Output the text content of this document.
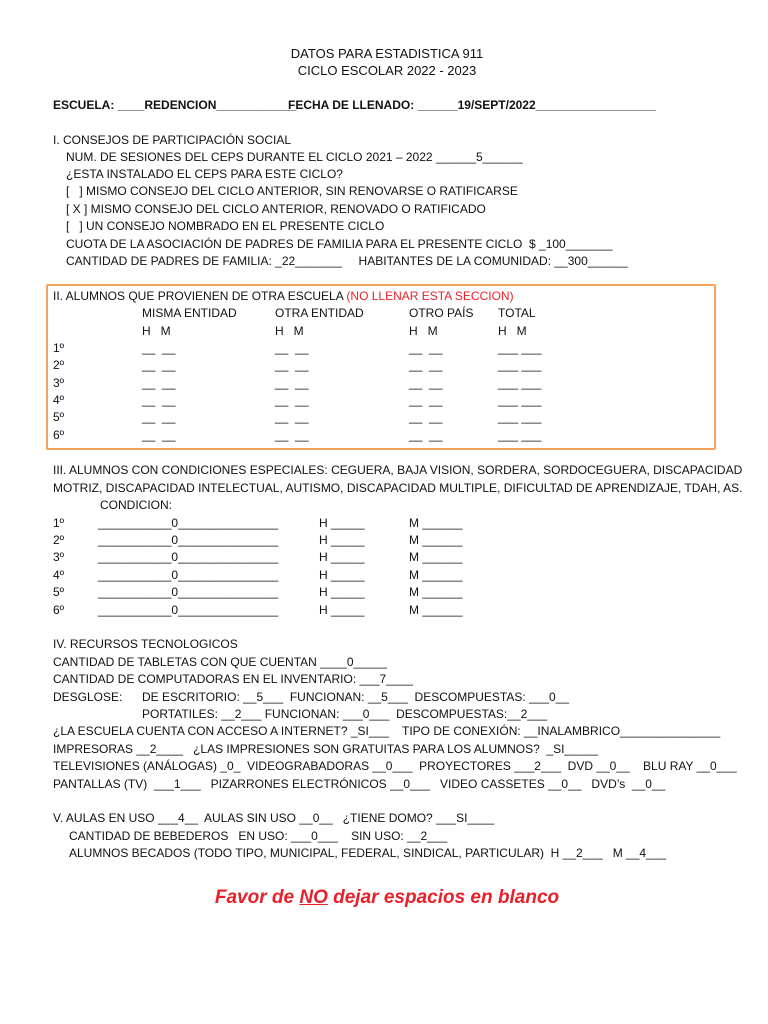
DATOS PARA ESTADISTICA 911
CICLO ESCOLAR 2022 - 2023
ESCUELA: ____REDENCION____________
FECHA DE LLENADO: ______19/SEPT/2022__________________
I. CONSEJOS DE PARTICIPACIÓN SOCIAL
NUM. DE SESIONES DEL CEPS DURANTE EL CICLO 2021 – 2022 ______5______
¿ESTA INSTALADO EL CEPS PARA ESTE CICLO?
[   ] MISMO CONSEJO DEL CICLO ANTERIOR, SIN RENOVARSE O RATIFICARSE
[ X ] MISMO CONSEJO DEL CICLO ANTERIOR, RENOVADO O RATIFICADO
[   ] UN CONSEJO NOMBRADO EN EL PRESENTE CICLO
CUOTA DE LA ASOCIACIÓN DE PADRES DE FAMILIA PARA EL PRESENTE CICLO  $ _100_______
CANTIDAD DE PADRES DE FAMILIA: _22_______     HABITANTES DE LA COMUNIDAD: __300______
II. ALUMNOS QUE PROVIENEN DE OTRA ESCUELA (NO LLENAR ESTA SECCION)
MISMA ENTIDAD	OTRA ENTIDAD	OTRO PAÍS TOTAL
H   M	H   M	H   M	H   M
1º	__  __	__  __	__  __	___ ___
2º	__  __	__  __	__  __	___ ___
3º	__  __	__  __	__  __	___ ___
4º	__  __	__  __	__  __	___ ___
5º	__  __	__  __	__  __	___ ___
6º	__  __	__  __	__  __	___ ___
III. ALUMNOS CON CONDICIONES ESPECIALES: CEGUERA, BAJA VISION, SORDERA, SORDOCEGUERA, DISCAPACIDAD
MOTRIZ, DISCAPACIDAD INTELECTUAL, AUTISMO, DISCAPACIDAD MULTIPLE, DIFICULTAD DE APRENDIZAJE, TDAH, AS.
CONDICION:
1º	___________0_______________	H _____	M ______
2º	___________0_______________	H _____	M ______
3º	___________0_______________	H _____	M ______
4º	___________0_______________	H _____	M ______
5º	___________0_______________	H _____	M ______
6º	___________0_______________	H _____	M ______
IV. RECURSOS TECNOLOGICOS
CANTIDAD DE TABLETAS CON QUE CUENTAN ____0_____
CANTIDAD DE COMPUTADORAS EN EL INVENTARIO: ___7____
DESGLOSE: DE ESCRITORIO: __5___  FUNCIONAN: __5___  DESCOMPUESTAS: ___0__
PORTATILES: __2___ FUNCIONAN: ___0___  DESCOMPUESTAS:__2___
¿LA ESCUELA CUENTA CON ACCESO A INTERNET? _SI___    TIPO DE CONEXIÓN: __INALAMBRICO_______________
IMPRESORAS __2____   ¿LAS IMPRESIONES SON GRATUITAS PARA LOS ALUMNOS?  _SI_____
TELEVISIONES (ANÁLOGAS) _0_  VIDEOGRABADORAS __0___  PROYECTORES ___2___  DVD __0__    BLU RAY __0___
PANTALLAS (TV)  ___1___   PIZARRONES ELECTRÓNICOS __0___   VIDEO CASSETES __0__   DVD’s  __0__
V. AULAS EN USO ___4__  AULAS SIN USO __0__   ¿TIENE DOMO? ___SI____
CANTIDAD DE BEBEDEROS   EN USO: ___0___    SIN USO: __2___
ALUMNOS BECADOS (TODO TIPO, MUNICIPAL, FEDERAL, SINDICAL, PARTICULAR)  H __2___   M __4___
Favor de NO dejar espacios en blanco
